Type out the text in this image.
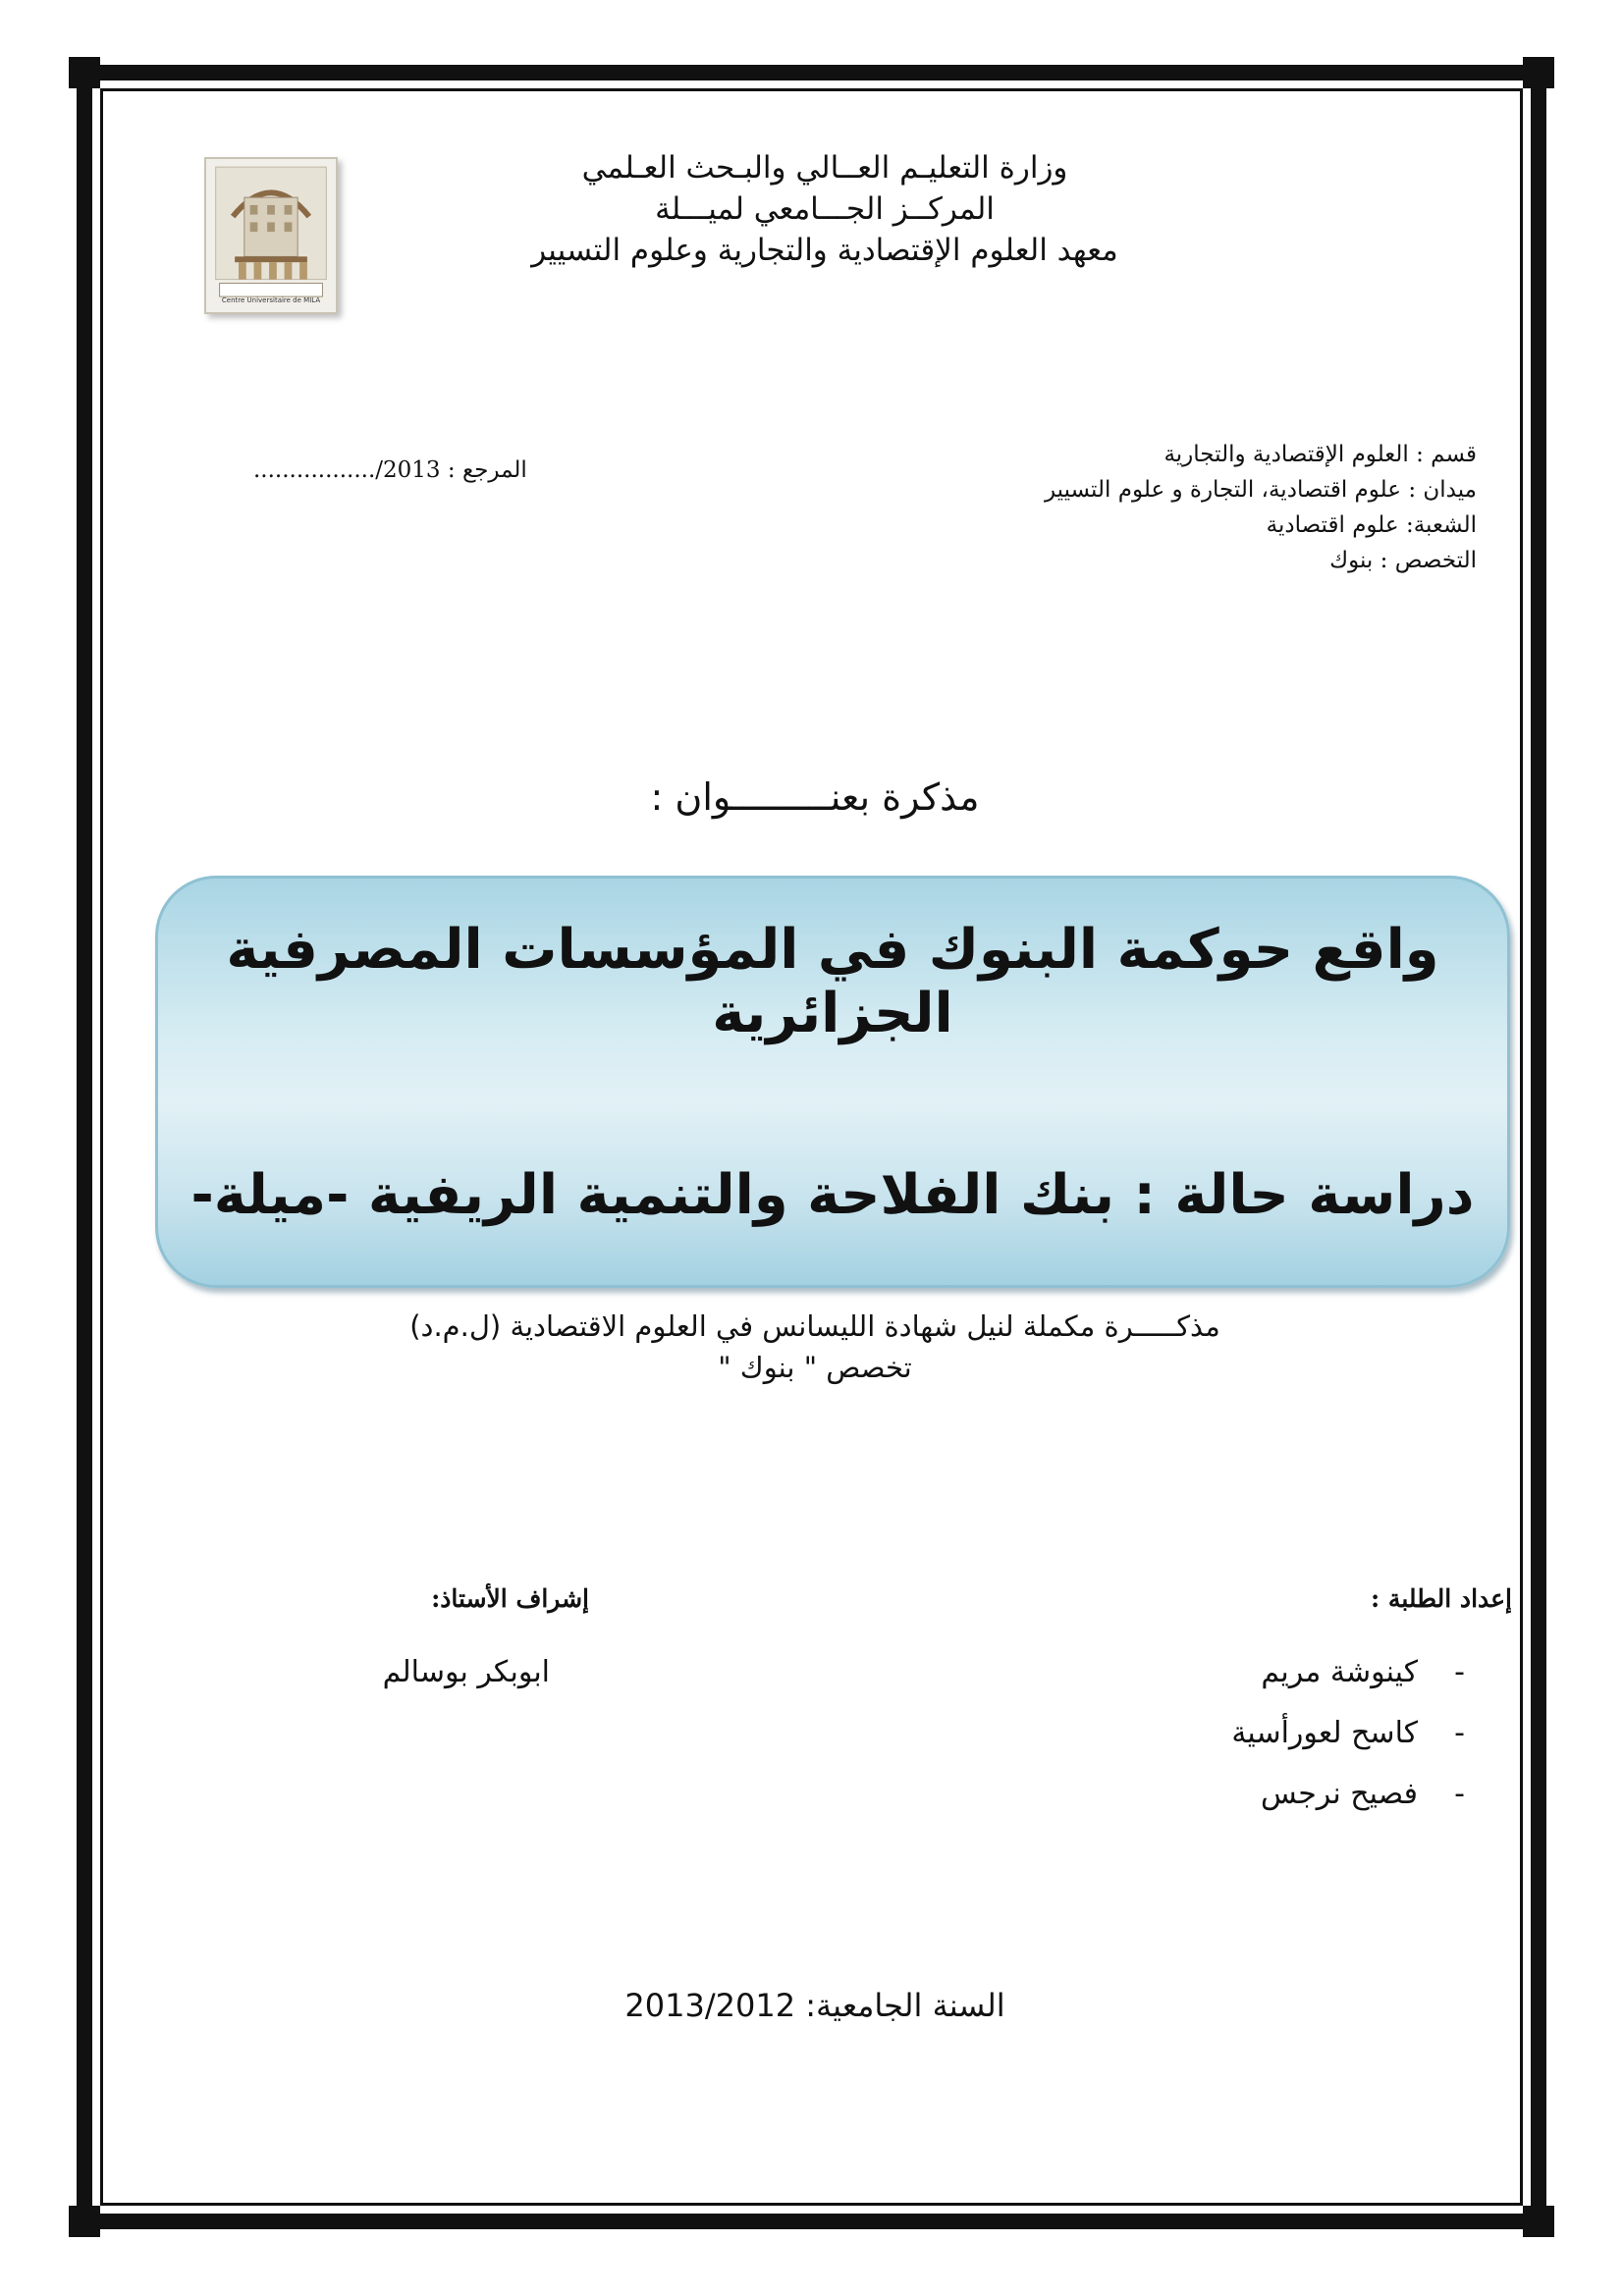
Centre Universitaire de MILA
وزارة التعليـم العــالي والبـحث العـلمي
المركــز الجـــامعي لميـــلة
معهد العلوم الإقتصادية والتجارية وعلوم التسيير
قسم : العلوم الإقتصادية والتجارية
ميدان : علوم اقتصادية، التجارة و علوم التسيير
الشعبة: علوم اقتصادية
التخصص : بنوك
المرجع : ................./2013
مذكرة بعنـــــــــوان :
واقع حوكمة البنوك في المؤسسات المصرفية الجزائرية
دراسة حالة : بنك الفلاحة والتنمية الريفية -ميلة-
مذكـــــرة مكملة لنيل شهادة الليسانس في العلوم الاقتصادية (ل.م.د)
تخصص " بنوك "
إعداد الطلبة :
-كينوشة مريم
-كاسح لعورأسية
-فصيح نرجس
إشراف الأستاذ:
ابوبكر بوسالم
السنة الجامعية: 2013/2012
